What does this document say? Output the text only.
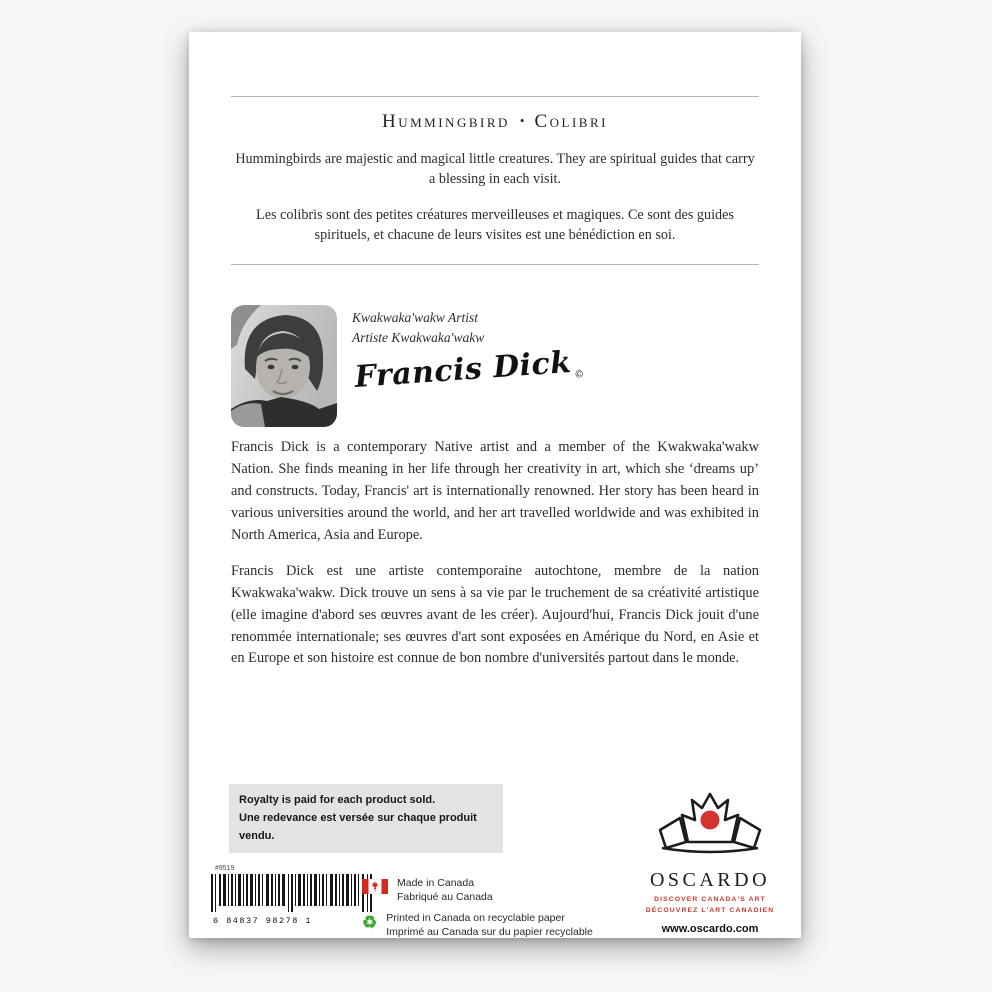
Hummingbird • Colibri

Hummingbirds are majestic and magical little creatures. They are spiritual guides that carry a blessing in each visit.

Les colibris sont des petites créatures merveilleuses et magiques. Ce sont des guides spirituels, et chacune de leurs visites est une bénédiction en soi.

Kwakwaka'wakw Artist
Artiste Kwakwaka'wakw
Francis Dick$_©$

Francis Dick is a contemporary Native artist and a member of the Kwakwaka'wakw Nation. She finds meaning in her life through her creativity in art, which she ‘dreams up’ and constructs. Today, Francis' art is internationally renowned. Her story has been heard in various universities around the world, and her art travelled worldwide and was exhibited in North America, Asia and Europe.

Francis Dick est une artiste contemporaine autochtone, membre de la nation Kwakwaka'wakw. Dick trouve un sens à sa vie par le truchement de sa créativité artistique (elle imagine d'abord ses œuvres avant de les créer). Aujourd'hui, Francis Dick jouit d'une renommée internationale; ses œuvres d'art sont exposées en Amérique du Nord, en Asie et en Europe et son histoire est connue de bon nombre d'universités partout dans le monde.

Royalty is paid for each product sold.
Une redevance est versée sur chaque produit vendu.
#9519
6 84837 98278 1
Made in Canada
Fabriqué au Canada
♻ Printed in Canada on recyclable paper
Imprimé au Canada sur du papier recyclable
OSCARDO
DISCOVER CANADA'S ART
DÉCOUVREZ L'ART CANADIEN
www.oscardo.com
